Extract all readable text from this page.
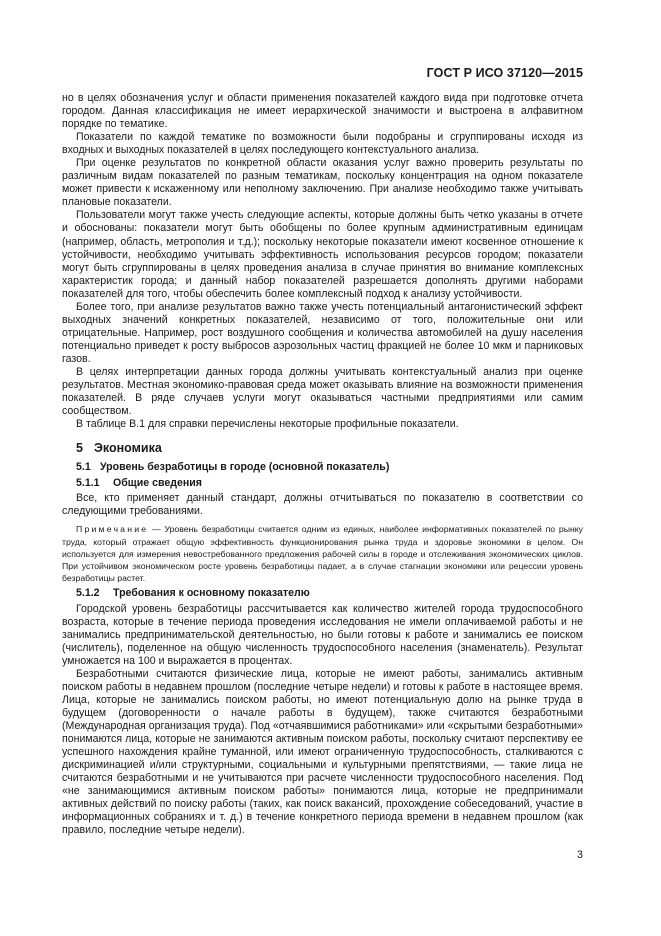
ГОСТ Р ИСО 37120—2015

но в целях обозначения услуг и области применения показателей каждого вида при подготовке отчета городом. Данная классификация не имеет иерархической значимости и выстроена в алфавитном порядке по тематике.

Показатели по каждой тематике по возможности были подобраны и сгруппированы исходя из входных и выходных показателей в целях последующего контекстуального анализа.

При оценке результатов по конкретной области оказания услуг важно проверить результаты по различным видам показателей по разным тематикам, поскольку концентрация на одном показателе может привести к искаженному или неполному заключению. При анализе необходимо также учитывать плановые показатели.

Пользователи могут также учесть следующие аспекты, которые должны быть четко указаны в отчете и обоснованы: показатели могут быть обобщены по более крупным административным единицам (например, область, метрополия и т.д.); поскольку некоторые показатели имеют косвенное отношение к устойчивости, необходимо учитывать эффективность использования ресурсов городом; показатели могут быть сгруппированы в целях проведения анализа в случае принятия во внимание комплексных характеристик города; и данный набор показателей разрешается дополнять другими наборами показателей для того, чтобы обеспечить более комплексный подход к анализу устойчивости.

Более того, при анализе результатов важно также учесть потенциальный антагонистический эффект выходных значений конкретных показателей, независимо от того, положительные они или отрицательные. Например, рост воздушного сообщения и количества автомобилей на душу населения потенциально приведет к росту выбросов аэрозольных частиц фракцией не более 10 мкм и парниковых газов.

В целях интерпретации данных города должны учитывать контекстуальный анализ при оценке результатов. Местная экономико-правовая среда может оказывать влияние на возможности применения показателей. В ряде случаев услуги могут оказываться частными предприятиями или самим сообществом.

В таблице В.1 для справки перечислены некоторые профильные показатели.

5 Экономика
5.1 Уровень безработицы в городе (основной показатель)
5.1.1 Общие сведения

Все, кто применяет данный стандарт, должны отчитываться по показателю в соответствии со следующими требованиями.

Примечание — Уровень безработицы считается одним из единых, наиболее информативных показателей по рынку труда, который отражает общую эффективность функционирования рынка труда и здоровье экономики в целом. Он используется для измерения невостребованного предложения рабочей силы в городе и отслеживания экономических циклов. При устойчивом экономическом росте уровень безработицы падает, а в случае стагнации экономики или рецессии уровень безработицы растет.

5.1.2 Требования к основному показателю

Городской уровень безработицы рассчитывается как количество жителей города трудоспособного возраста, которые в течение периода проведения исследования не имели оплачиваемой работы и не занимались предпринимательской деятельностью, но были готовы к работе и занимались ее поиском (числитель), поделенное на общую численность трудоспособного населения (знаменатель). Результат умножается на 100 и выражается в процентах.

Безработными считаются физические лица, которые не имеют работы, занимались активным поиском работы в недавнем прошлом (последние четыре недели) и готовы к работе в настоящее время. Лица, которые не занимались поиском работы, но имеют потенциальную долю на рынке труда в будущем (договоренности о начале работы в будущем), также считаются безработными (Международная организация труда). Под «отчаявшимися работниками» или «скрытыми безработными» понимаются лица, которые не занимаются активным поиском работы, поскольку считают перспективу ее успешного нахождения крайне туманной, или имеют ограниченную трудоспособность, сталкиваются с дискриминацией и/или структурными, социальными и культурными препятствиями, — такие лица не считаются безработными и не учитываются при расчете численности трудоспособного населения. Под «не занимающимися активным поиском работы» понимаются лица, которые не предпринимали активных действий по поиску работы (таких, как поиск вакансий, прохождение собеседований, участие в информационных собраниях и т. д.) в течение конкретного периода времени в недавнем прошлом (как правило, последние четыре недели).

3
